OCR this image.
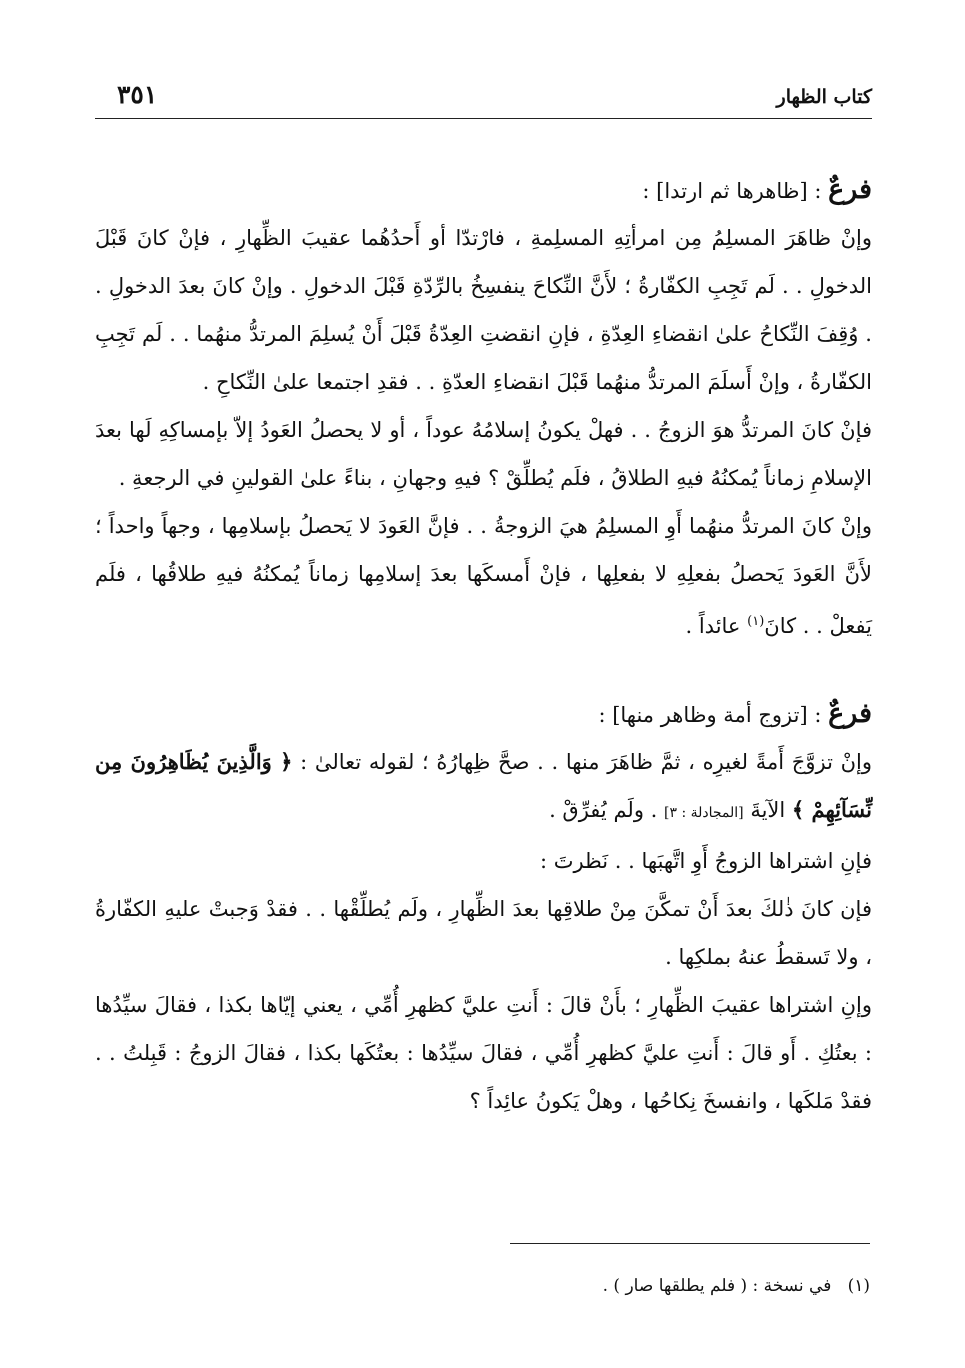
كتاب الظهار
٣٥١
فرعٌ : [ظاهرها ثم ارتدا] :

وإنْ ظاهَرَ المسلِمُ مِن امرأتِهِ المسلِمةِ ، فارْتدّا أو أَحدُهُما عقيبَ الظِّهارِ ، فإنْ كانَ قَبْلَ الدخولِ . . لَم تَجِبِ الكفّارةُ ؛ لأَنَّ النِّكاحَ ينفسِخُ بالرِّدّةِ قَبْلَ الدخولِ . وإنْ كانَ بعدَ الدخولِ . . وُقِفَ النِّكاحُ علىٰ انقضاءِ العِدّةِ ، فإنِ انقضتِ العِدّةُ قَبْلَ أَنْ يُسلِمَ المرتدُّ منهُما . . لَم تَجِبِ الكفّارةُ ، وإنْ أَسلَمَ المرتدُّ منهُما قَبْلَ انقضاءِ العدّةِ . . فقدِ اجتمعا علىٰ النِّكاحِ .

فإنْ كانَ المرتدُّ هوَ الزوجُ . . فهلْ يكونُ إسلامُهُ عوداً ، أو لا يحصلُ العَودُ إلاّ بإمساكِهِ لَها بعدَ الإسلامِ زماناً يُمكنُهُ فيهِ الطلاقُ ، فلَم يُطلِّقْ ؟ فيهِ وجهانِ ، بناءً علىٰ القولينِ في الرجعةِ .

وإنْ كانَ المرتدُّ منهُما أَوِ المسلِمُ هيَ الزوجةُ . . فإنَّ العَودَ لا يَحصلُ بإسلامِها ، وجهاً واحداً ؛ لأَنَّ العَودَ يَحصلُ بفعلِهِ لا بفعلِها ، فإنْ أَمسكَها بعدَ إسلامِها زماناً يُمكنُهُ فيهِ طلاقُها ، فلَم يَفعلْ . . كانَ$^{(١)}$ عائداً .

فرعٌ : [تزوج أمة وظاهر منها] :

وإنْ تزوَّجَ أَمةً لغيرِه ، ثمَّ ظاهَرَ منها . . صحَّ ظِهارُهُ ؛ لقوله تعالىٰ : ﴿ وَالَّذِينَ يُظَاهِرُونَ مِن نِّسَآئِهِمْ ﴾ الآيةَ [المجادلة : ٣] . ولَم يُفرِّقْ .

فإنِ اشتراها الزوجُ أَوِ اتَّهبَها . . نَظرتَ :

فإن كانَ ذٰلكَ بعدَ أَنْ تمكَّنَ مِنْ طلاقِها بعدَ الظِّهارِ ، ولَم يُطلِّقْها . . فقدْ وَجبتْ عليهِ الكفّارةُ ، ولا تَسقطُ عنهُ بملكِها .

وإنِ اشتراها عقيبَ الظِّهارِ ؛ بأَنْ قالَ : أَنتِ عليَّ كظهرِ أُمِّي ، يعني إيّاها بكذا ، فقالَ سيِّدُها : بعتُكِ . أَو قالَ : أَنتِ عليَّ كظهرِ أُمِّي ، فقالَ سيِّدُها : بعتُكَها بكذا ، فقالَ الزوجُ : قَبِلتُ . . فقدْ مَلكَها ، وانفسخَ نِكاحُها ، وهلْ يَكونُ عائِداً ؟

(١)   في نسخة : ( فلم يطلقها صار ) .
